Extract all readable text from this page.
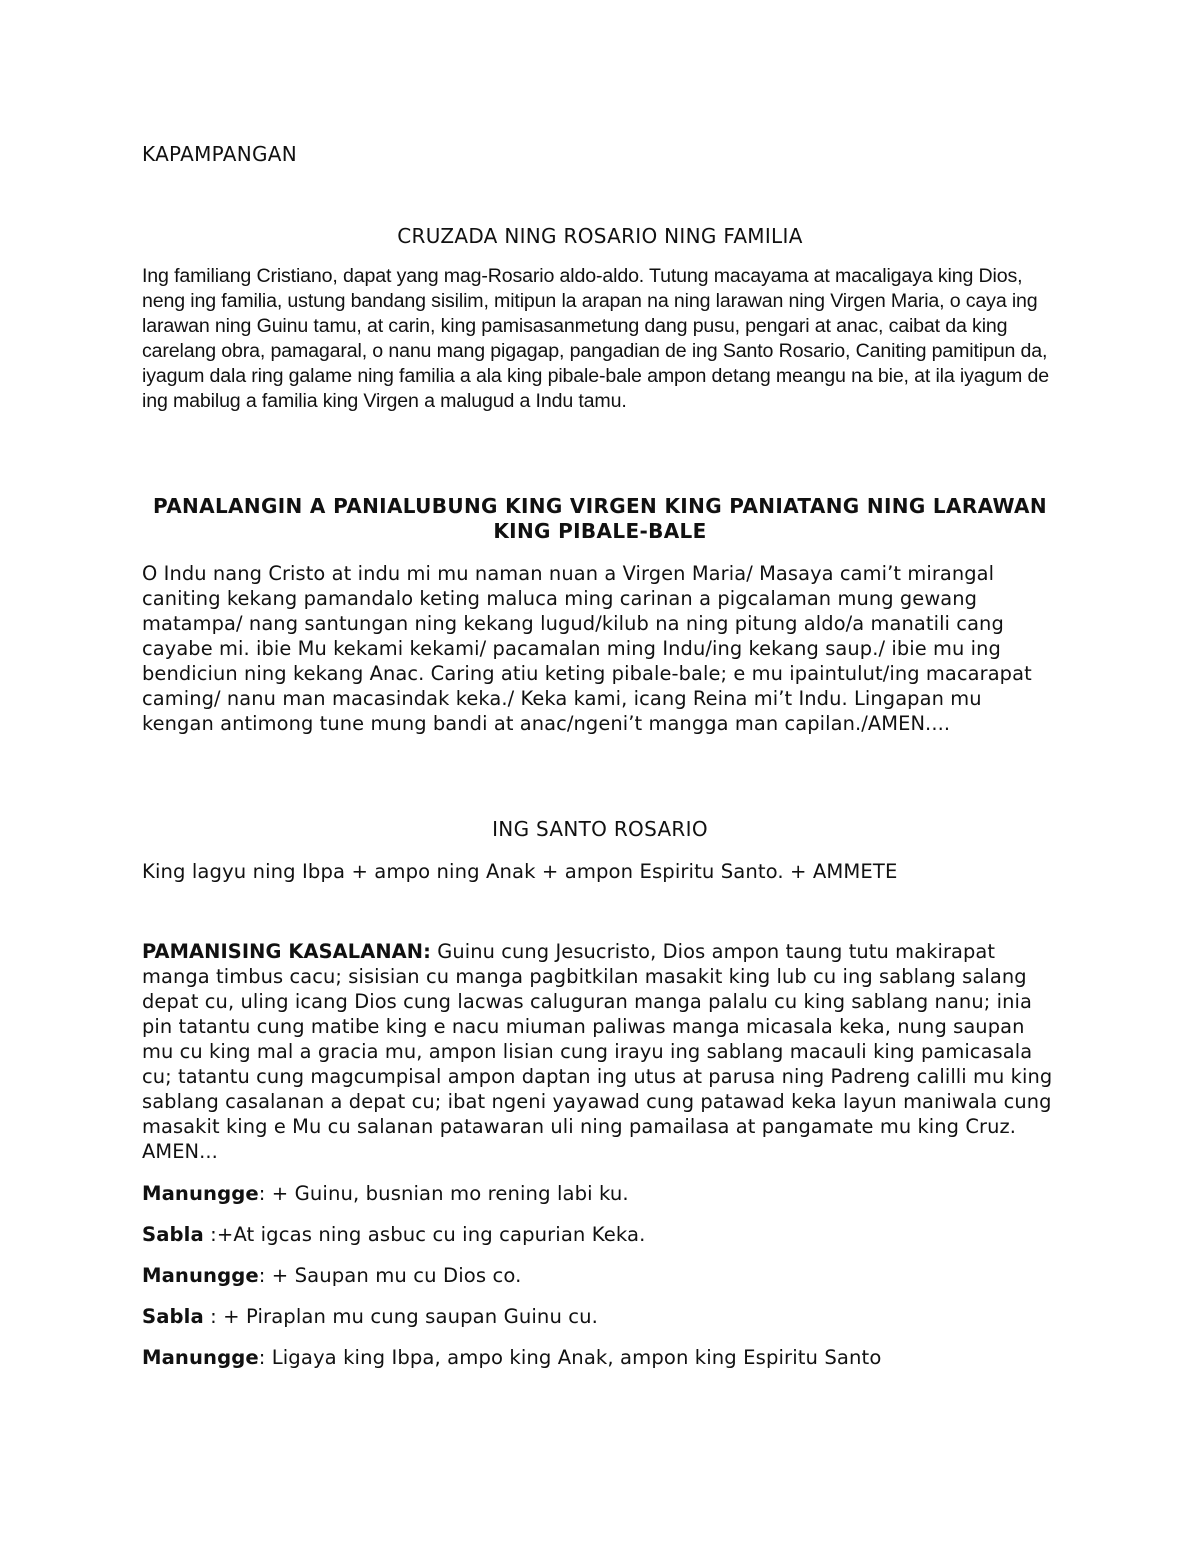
KAPAMPANGAN

CRUZADA NING ROSARIO NING FAMILIA

Ing familiang Cristiano, dapat yang mag-Rosario aldo-aldo. Tutung macayama at macaligaya king Dios, neng ing familia, ustung bandang sisilim, mitipun la arapan na ning larawan ning Virgen Maria, o caya ing larawan ning Guinu tamu, at carin, king pamisasanmetung dang pusu, pengari at anac, caibat da king carelang obra, pamagaral, o nanu mang pigagap, pangadian de ing Santo Rosario, Caniting pamitipun da, iyagum dala ring galame ning familia a ala king pibale-bale ampon detang meangu na bie, at ila iyagum de ing mabilug a familia king Virgen a malugud a Indu tamu.

PANALANGIN A PANIALUBUNG KING VIRGEN KING PANIATANG NING LARAWAN KING PIBALE-BALE

O Indu nang Cristo at indu mi mu naman nuan a Virgen Maria/ Masaya cami’t mirangal caniting kekang pamandalo keting maluca ming carinan a pigcalaman mung gewang matampa/ nang santungan ning kekang lugud/kilub na ning pitung aldo/a manatili cang cayabe mi. ibie Mu kekami kekami/ pacamalan ming Indu/ing kekang saup./ ibie mu ing bendiciun ning kekang Anac. Caring atiu keting pibale-bale; e mu ipaintulut/ing macarapat caming/ nanu man macasindak keka./ Keka kami, icang Reina mi’t Indu. Lingapan mu kengan antimong tune mung bandi at anac/ngeni’t mangga man capilan./AMEN....

ING SANTO ROSARIO

King lagyu ning Ibpa + ampo ning Anak + ampon Espiritu Santo. + AMMETE

PAMANISING KASALANAN: Guinu cung Jesucristo, Dios ampon taung tutu makirapat manga timbus cacu; sisisian cu manga pagbitkilan masakit king lub cu ing sablang salang depat cu, uling icang Dios cung lacwas caluguran manga palalu cu king sablang nanu; inia pin tatantu cung matibe king e nacu miuman paliwas manga micasala keka, nung saupan mu cu king mal a gracia mu, ampon lisian cung irayu ing sablang macauli king pamicasala cu; tatantu cung magcumpisal ampon daptan ing utus at parusa ning Padreng calilli mu king sablang casalanan a depat cu; ibat ngeni yayawad cung patawad keka layun maniwala cung masakit king e Mu cu salanan patawaran uli ning pamailasa at pangamate mu king Cruz. AMEN...

Manungge: + Guinu, busnian mo rening labi ku.

Sabla :+At igcas ning asbuc cu ing capurian Keka.

Manungge: + Saupan mu cu Dios co.

Sabla : + Piraplan mu cung saupan Guinu cu.

Manungge: Ligaya king Ibpa, ampo king Anak, ampon king Espiritu Santo
